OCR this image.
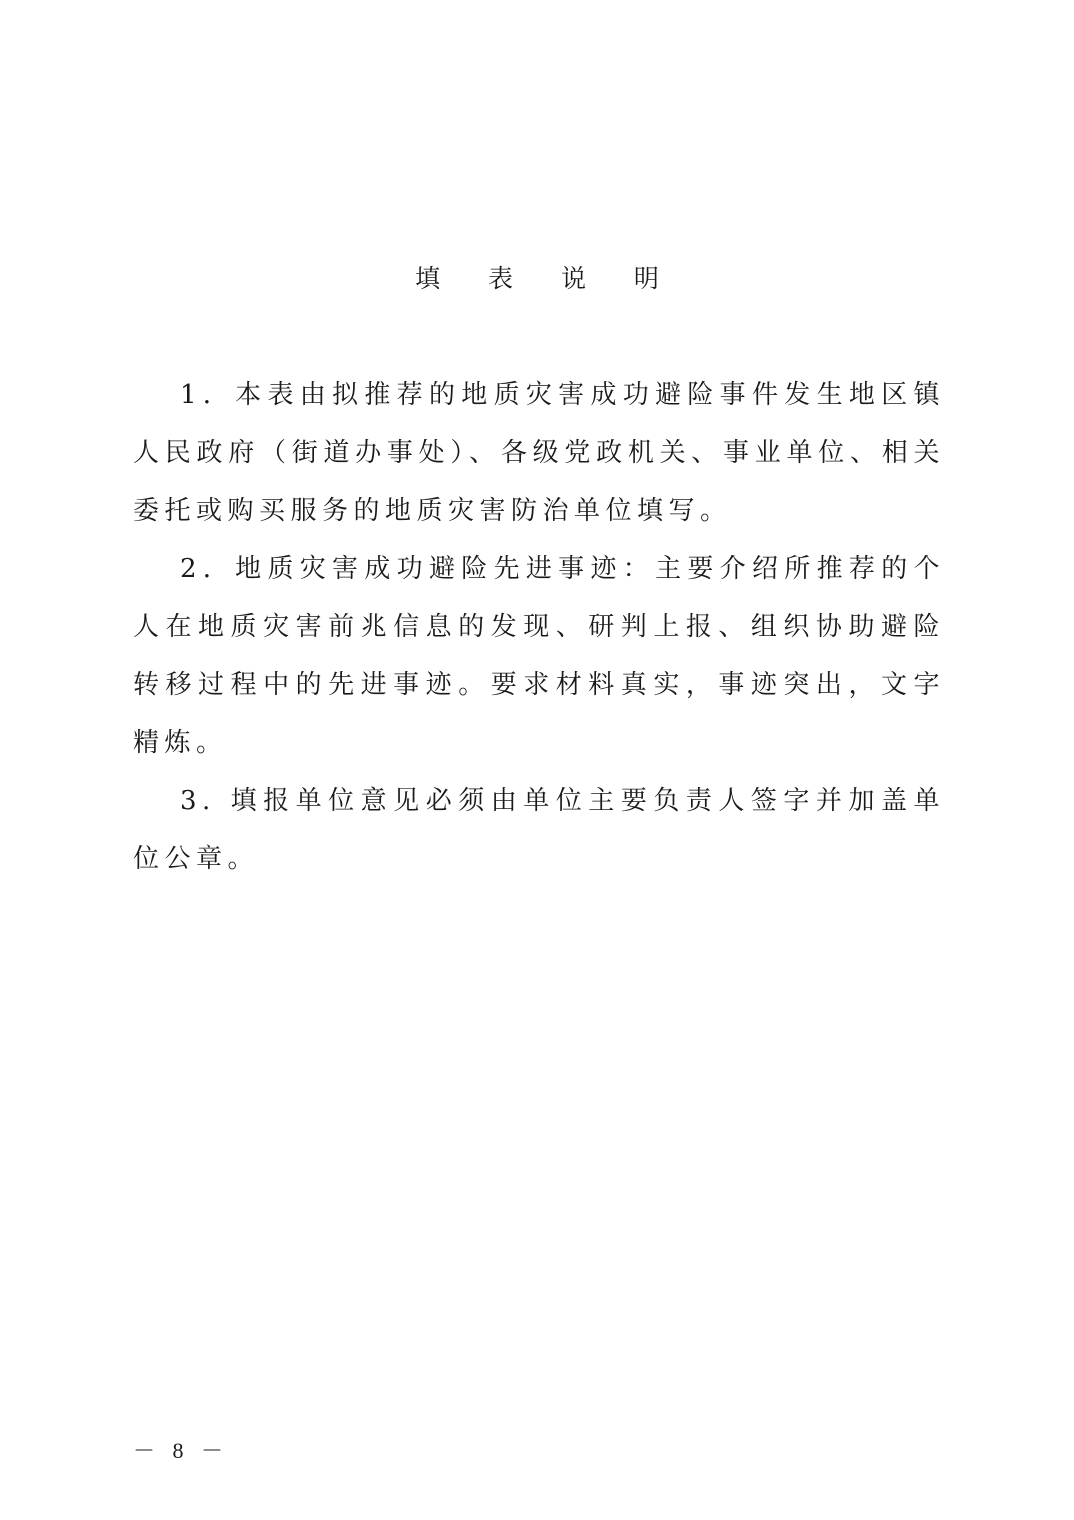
填 表 说 明

1．本表由拟推荐的地质灾害成功避险事件发生地区镇人民政府（街道办事处）、各级党政机关、事业单位、相关委托或购买服务的地质灾害防治单位填写。

2．地质灾害成功避险先进事迹：主要介绍所推荐的个人在地质灾害前兆信息的发现、研判上报、组织协助避险转移过程中的先进事迹。要求材料真实，事迹突出，文字精炼。

3. 填报单位意见必须由单位主要负责人签字并加盖单位公章。

－ 8 －
